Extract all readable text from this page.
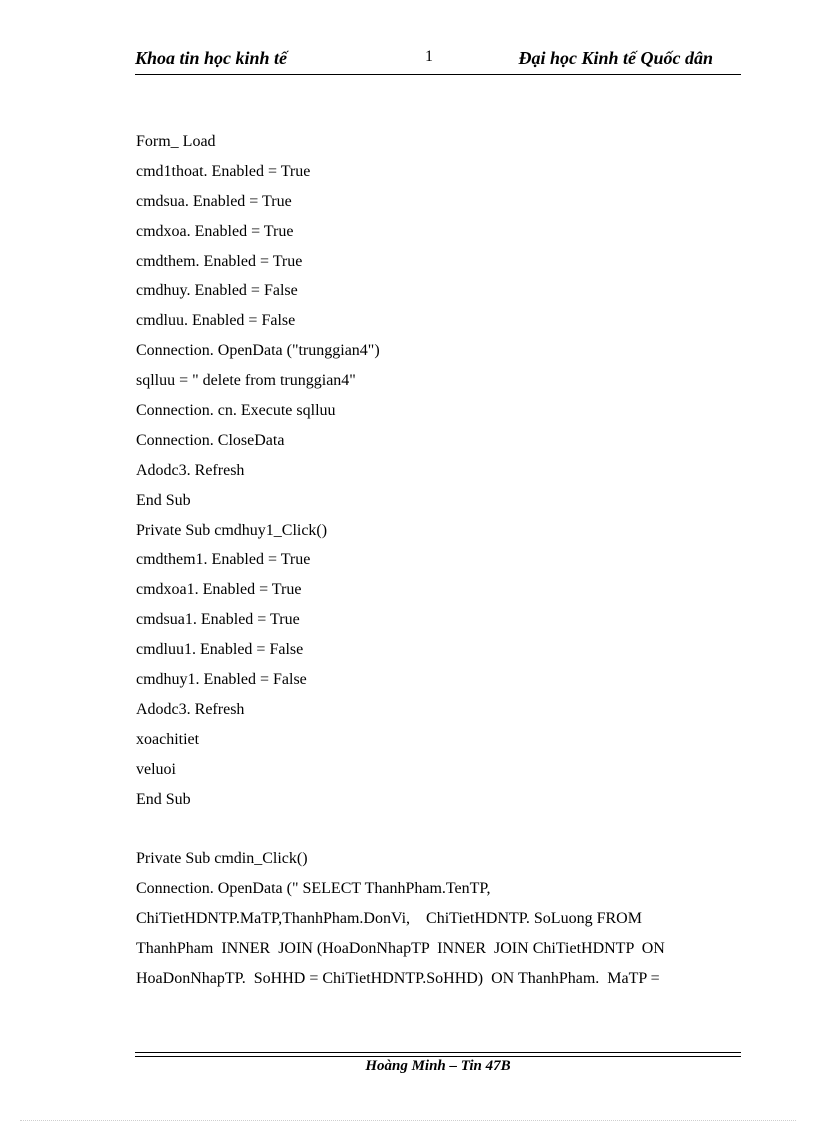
Khoa tin học kinh tế	1	Đại học Kinh tế Quốc dân
Form_ Load
cmd1thoat. Enabled = True
cmdsua. Enabled = True
cmdxoa. Enabled = True
cmdthem. Enabled = True
cmdhuy. Enabled = False
cmdluu. Enabled = False
Connection. OpenData ("trunggian4")
sqlluu = " delete from trunggian4"
Connection. cn. Execute sqlluu
Connection. CloseData
Adodc3. Refresh
End Sub
Private Sub cmdhuy1_Click()
cmdthem1. Enabled = True
cmdxoa1. Enabled = True
cmdsua1. Enabled = True
cmdluu1. Enabled = False
cmdhuy1. Enabled = False
Adodc3. Refresh
xoachitiet
veluoi
End Sub
Private Sub cmdin_Click()
Connection. OpenData (" SELECT ThanhPham.TenTP,
ChiTietHDNTP.MaTP,ThanhPham.DonVi,    ChiTietHDNTP. SoLuong FROM
ThanhPham  INNER  JOIN (HoaDonNhapTP  INNER  JOIN ChiTietHDNTP  ON
HoaDonNhapTP.  SoHHD = ChiTietHDNTP.SoHHD)  ON ThanhPham.  MaTP =
Hoàng Minh – Tin 47B
